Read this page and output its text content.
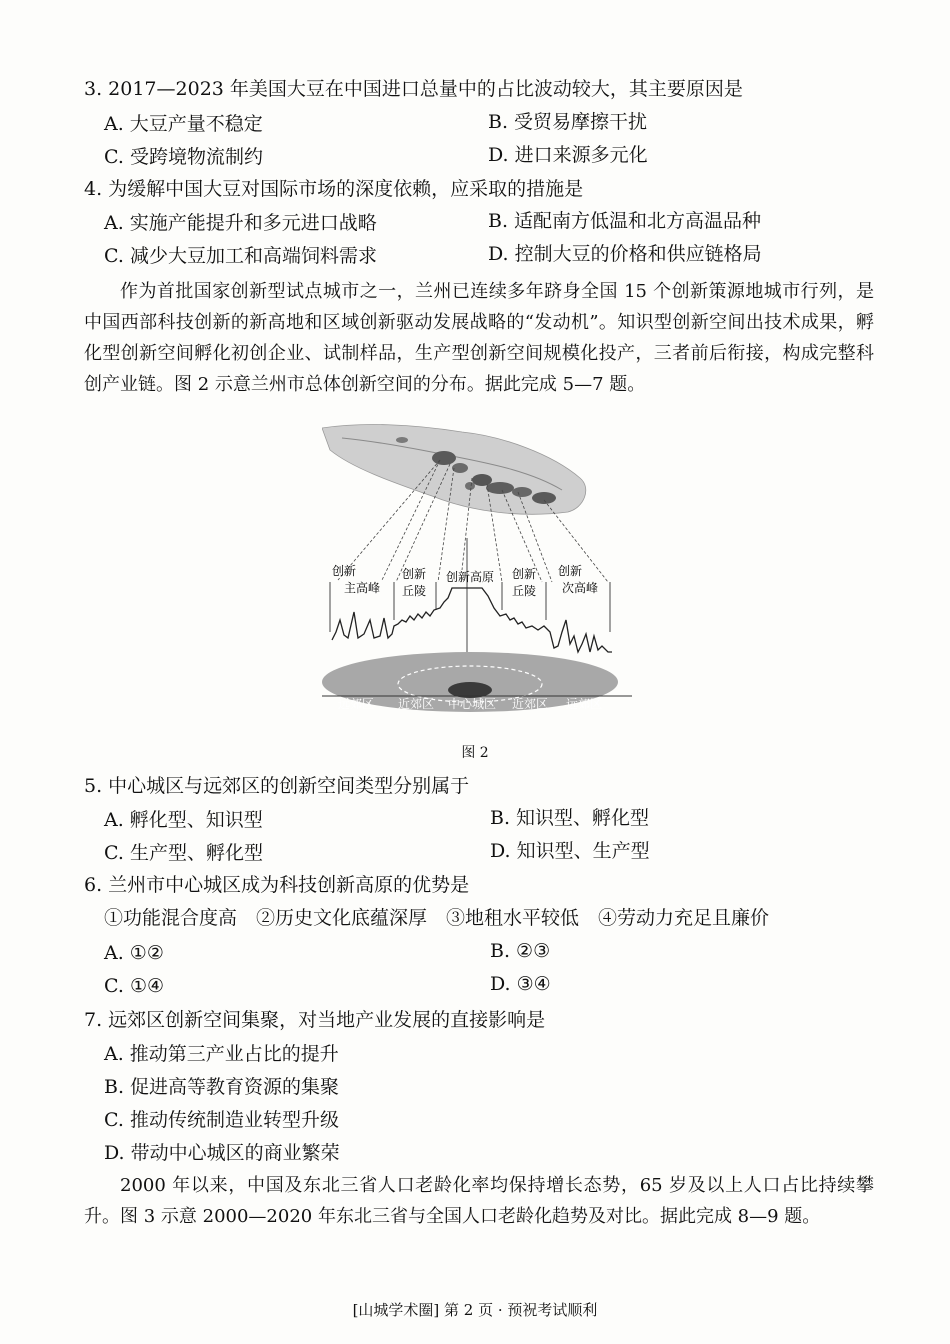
3. 2017—2023 年美国大豆在中国进口总量中的占比波动较大，其主要原因是
A. 大豆产量不稳定	B. 受贸易摩擦干扰
C. 受跨境物流制约	D. 进口来源多元化
4. 为缓解中国大豆对国际市场的深度依赖，应采取的措施是
A. 实施产能提升和多元进口战略	B. 适配南方低温和北方高温品种
C. 减少大豆加工和高端饲料需求	D. 控制大豆的价格和供应链格局
作为首批国家创新型试点城市之一，兰州已连续多年跻身全国 15 个创新策源地城市行列，是中国西部科技创新的新高地和区域创新驱动发展战略的“发动机”。知识型创新空间出技术成果，孵化型创新空间孵化初创企业、试制样品，生产型创新空间规模化投产，三者前后衔接，构成完整科创产业链。图 2 示意兰州市总体创新空间的分布。据此完成 5—7 题。
创新
主高峰
创新
丘陵
创新高原 创新
丘陵
创新
次高峰
远郊区 近郊区 中心城区 近郊区 远郊区
图 2
5. 中心城区与远郊区的创新空间类型分别属于
A. 孵化型、知识型	B. 知识型、孵化型
C. 生产型、孵化型	D. 知识型、生产型
6. 兰州市中心城区成为科技创新高原的优势是
①功能混合度高　②历史文化底蕴深厚　③地租水平较低　④劳动力充足且廉价
A. ①②	B. ②③
C. ①④	D. ③④
7. 远郊区创新空间集聚，对当地产业发展的直接影响是
A. 推动第三产业占比的提升
B. 促进高等教育资源的集聚
C. 推动传统制造业转型升级
D. 带动中心城区的商业繁荣
2000 年以来，中国及东北三省人口老龄化率均保持增长态势，65 岁及以上人口占比持续攀升。图 3 示意 2000—2020 年东北三省与全国人口老龄化趋势及对比。据此完成 8—9 题。
[山城学术圈] 第 2 页 · 预祝考试顺利
